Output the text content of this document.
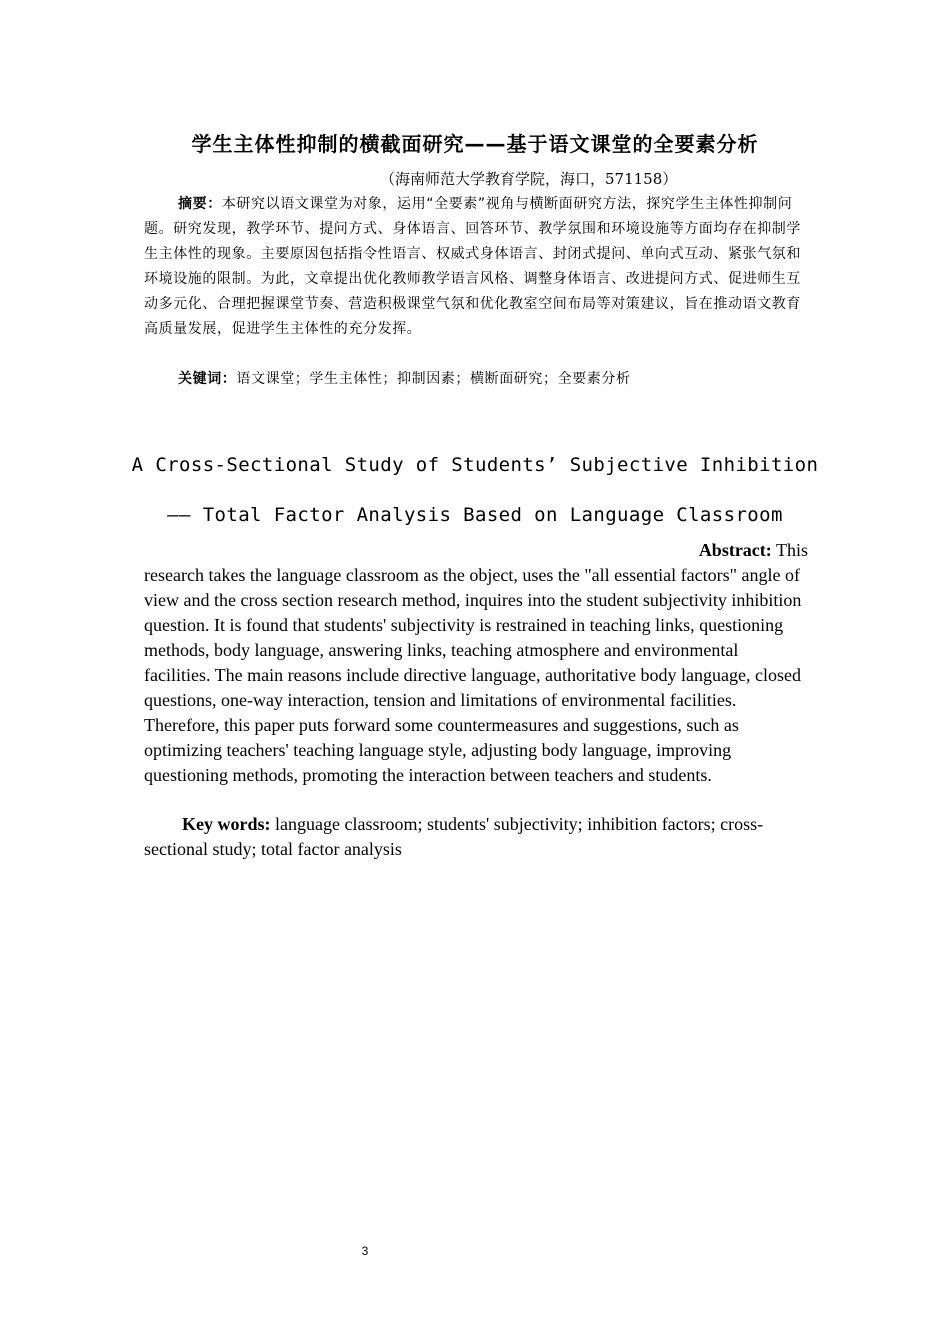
学生主体性抑制的横截面研究——基于语文课堂的全要素分析
（海南师范大学教育学院，海口，571158）
摘要：本研究以语文课堂为对象，运用“全要素”视角与横断面研究方法，探究学生主体性抑制问题。研究发现，教学环节、提问方式、身体语言、回答环节、教学氛围和环境设施等方面均存在抑制学生主体性的现象。主要原因包括指令性语言、权威式身体语言、封闭式提问、单向式互动、紧张气氛和环境设施的限制。为此，文章提出优化教师教学语言风格、调整身体语言、改进提问方式、促进师生互动多元化、合理把握课堂节奏、营造积极课堂气氛和优化教室空间布局等对策建议，旨在推动语文教育高质量发展，促进学生主体性的充分发挥。
关键词：语文课堂；学生主体性；抑制因素；横断面研究；全要素分析
A Cross-Sectional Study of Students’ Subjective Inhibition
—— Total Factor Analysis Based on Language Classroom
Abstract: This
research takes the language classroom as the object, uses the "all essential factors" angle of view and the cross section research method, inquires into the student subjectivity inhibition question. It is found that students' subjectivity is restrained in teaching links, questioning methods, body language, answering links, teaching atmosphere and environmental facilities. The main reasons include directive language, authoritative body language, closed questions, one-way interaction, tension and limitations of environmental facilities. Therefore, this paper puts forward some countermeasures and suggestions, such as optimizing teachers' teaching language style, adjusting body language, improving questioning methods, promoting the interaction between teachers and students.
Key words: language classroom; students' subjectivity; inhibition factors; cross-sectional study; total factor analysis
3
